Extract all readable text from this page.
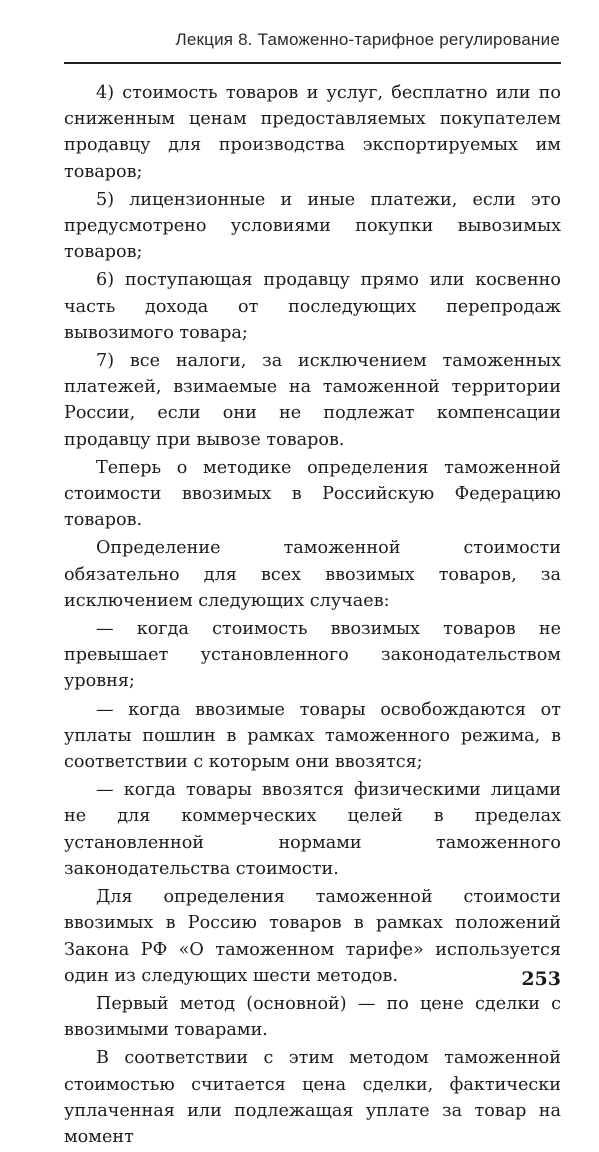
Лекция 8. Таможенно-тарифное регулирование

4) стоимость товаров и услуг, бесплатно или по сниженным ценам предоставляемых покупателем продавцу для производства экспортируемых им товаров;

5) лицензионные и иные платежи, если это предусмотрено условиями покупки вывозимых товаров;

6) поступающая продавцу прямо или косвенно часть дохода от последующих перепродаж вывозимого товара;

7) все налоги, за исключением таможенных платежей, взимаемые на таможенной территории России, если они не подлежат компенсации продавцу при вывозе товаров.

Теперь о методике определения таможенной стоимости ввозимых в Российскую Федерацию товаров.

Определение таможенной стоимости обязательно для всех ввозимых товаров, за исключением следующих случаев:

— когда стоимость ввозимых товаров не превышает установленного законодательством уровня;

— когда ввозимые товары освобождаются от уплаты пошлин в рамках таможенного режима, в соответствии с которым они ввозятся;

— когда товары ввозятся физическими лицами не для коммерческих целей в пределах установленной нормами таможенного законодательства стоимости.

Для определения таможенной стоимости ввозимых в Россию товаров в рамках положений Закона РФ «О таможенном тарифе» используется один из следующих шести методов.

Первый метод (основной) — по цене сделки с ввозимыми товарами.

В соответствии с этим методом таможенной стоимостью считается цена сделки, фактически уплаченная или подлежащая уплате за товар на момент

253
